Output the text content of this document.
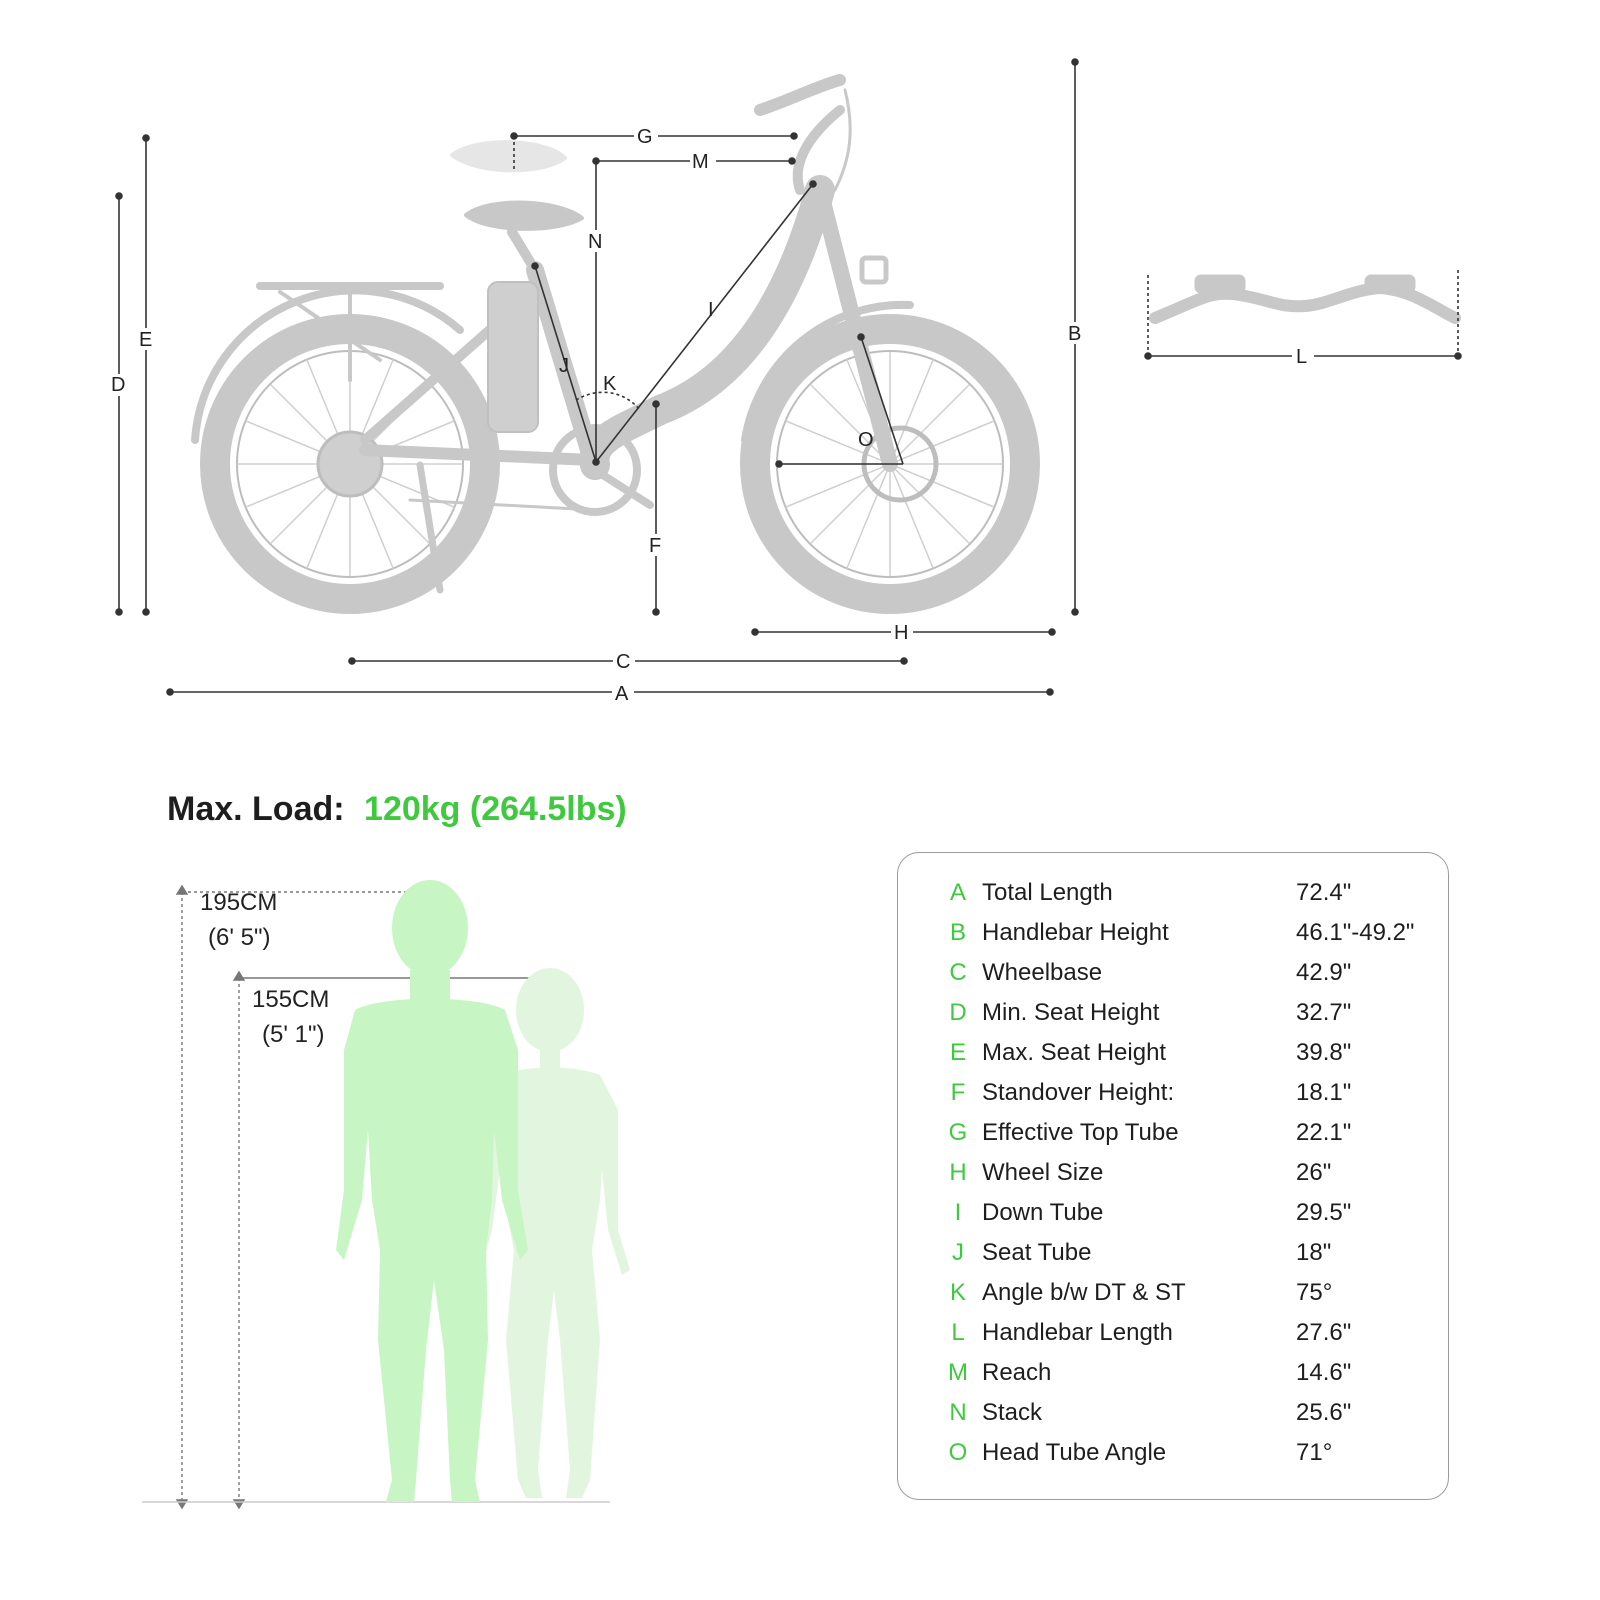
A
B
C
D
E
F
G
H
I
J
K
L
M
N
O
Max. Load: 120kg (264.5lbs)
195CM
(6' 5")
155CM
(5' 1")
A Total Length	72.4"
B Handlebar Height	46.1"-49.2"
C Wheelbase	42.9"
D Min. Seat Height	32.7"
E Max. Seat Height	39.8"
F Standover Height:	18.1"
G Effective Top Tube	22.1"
H Wheel Size	26"
I Down Tube	29.5"
J Seat Tube	18"
K Angle b/w DT & ST	75°
L Handlebar Length	27.6"
M Reach	14.6"
N Stack	25.6"
O Head Tube Angle	71°
